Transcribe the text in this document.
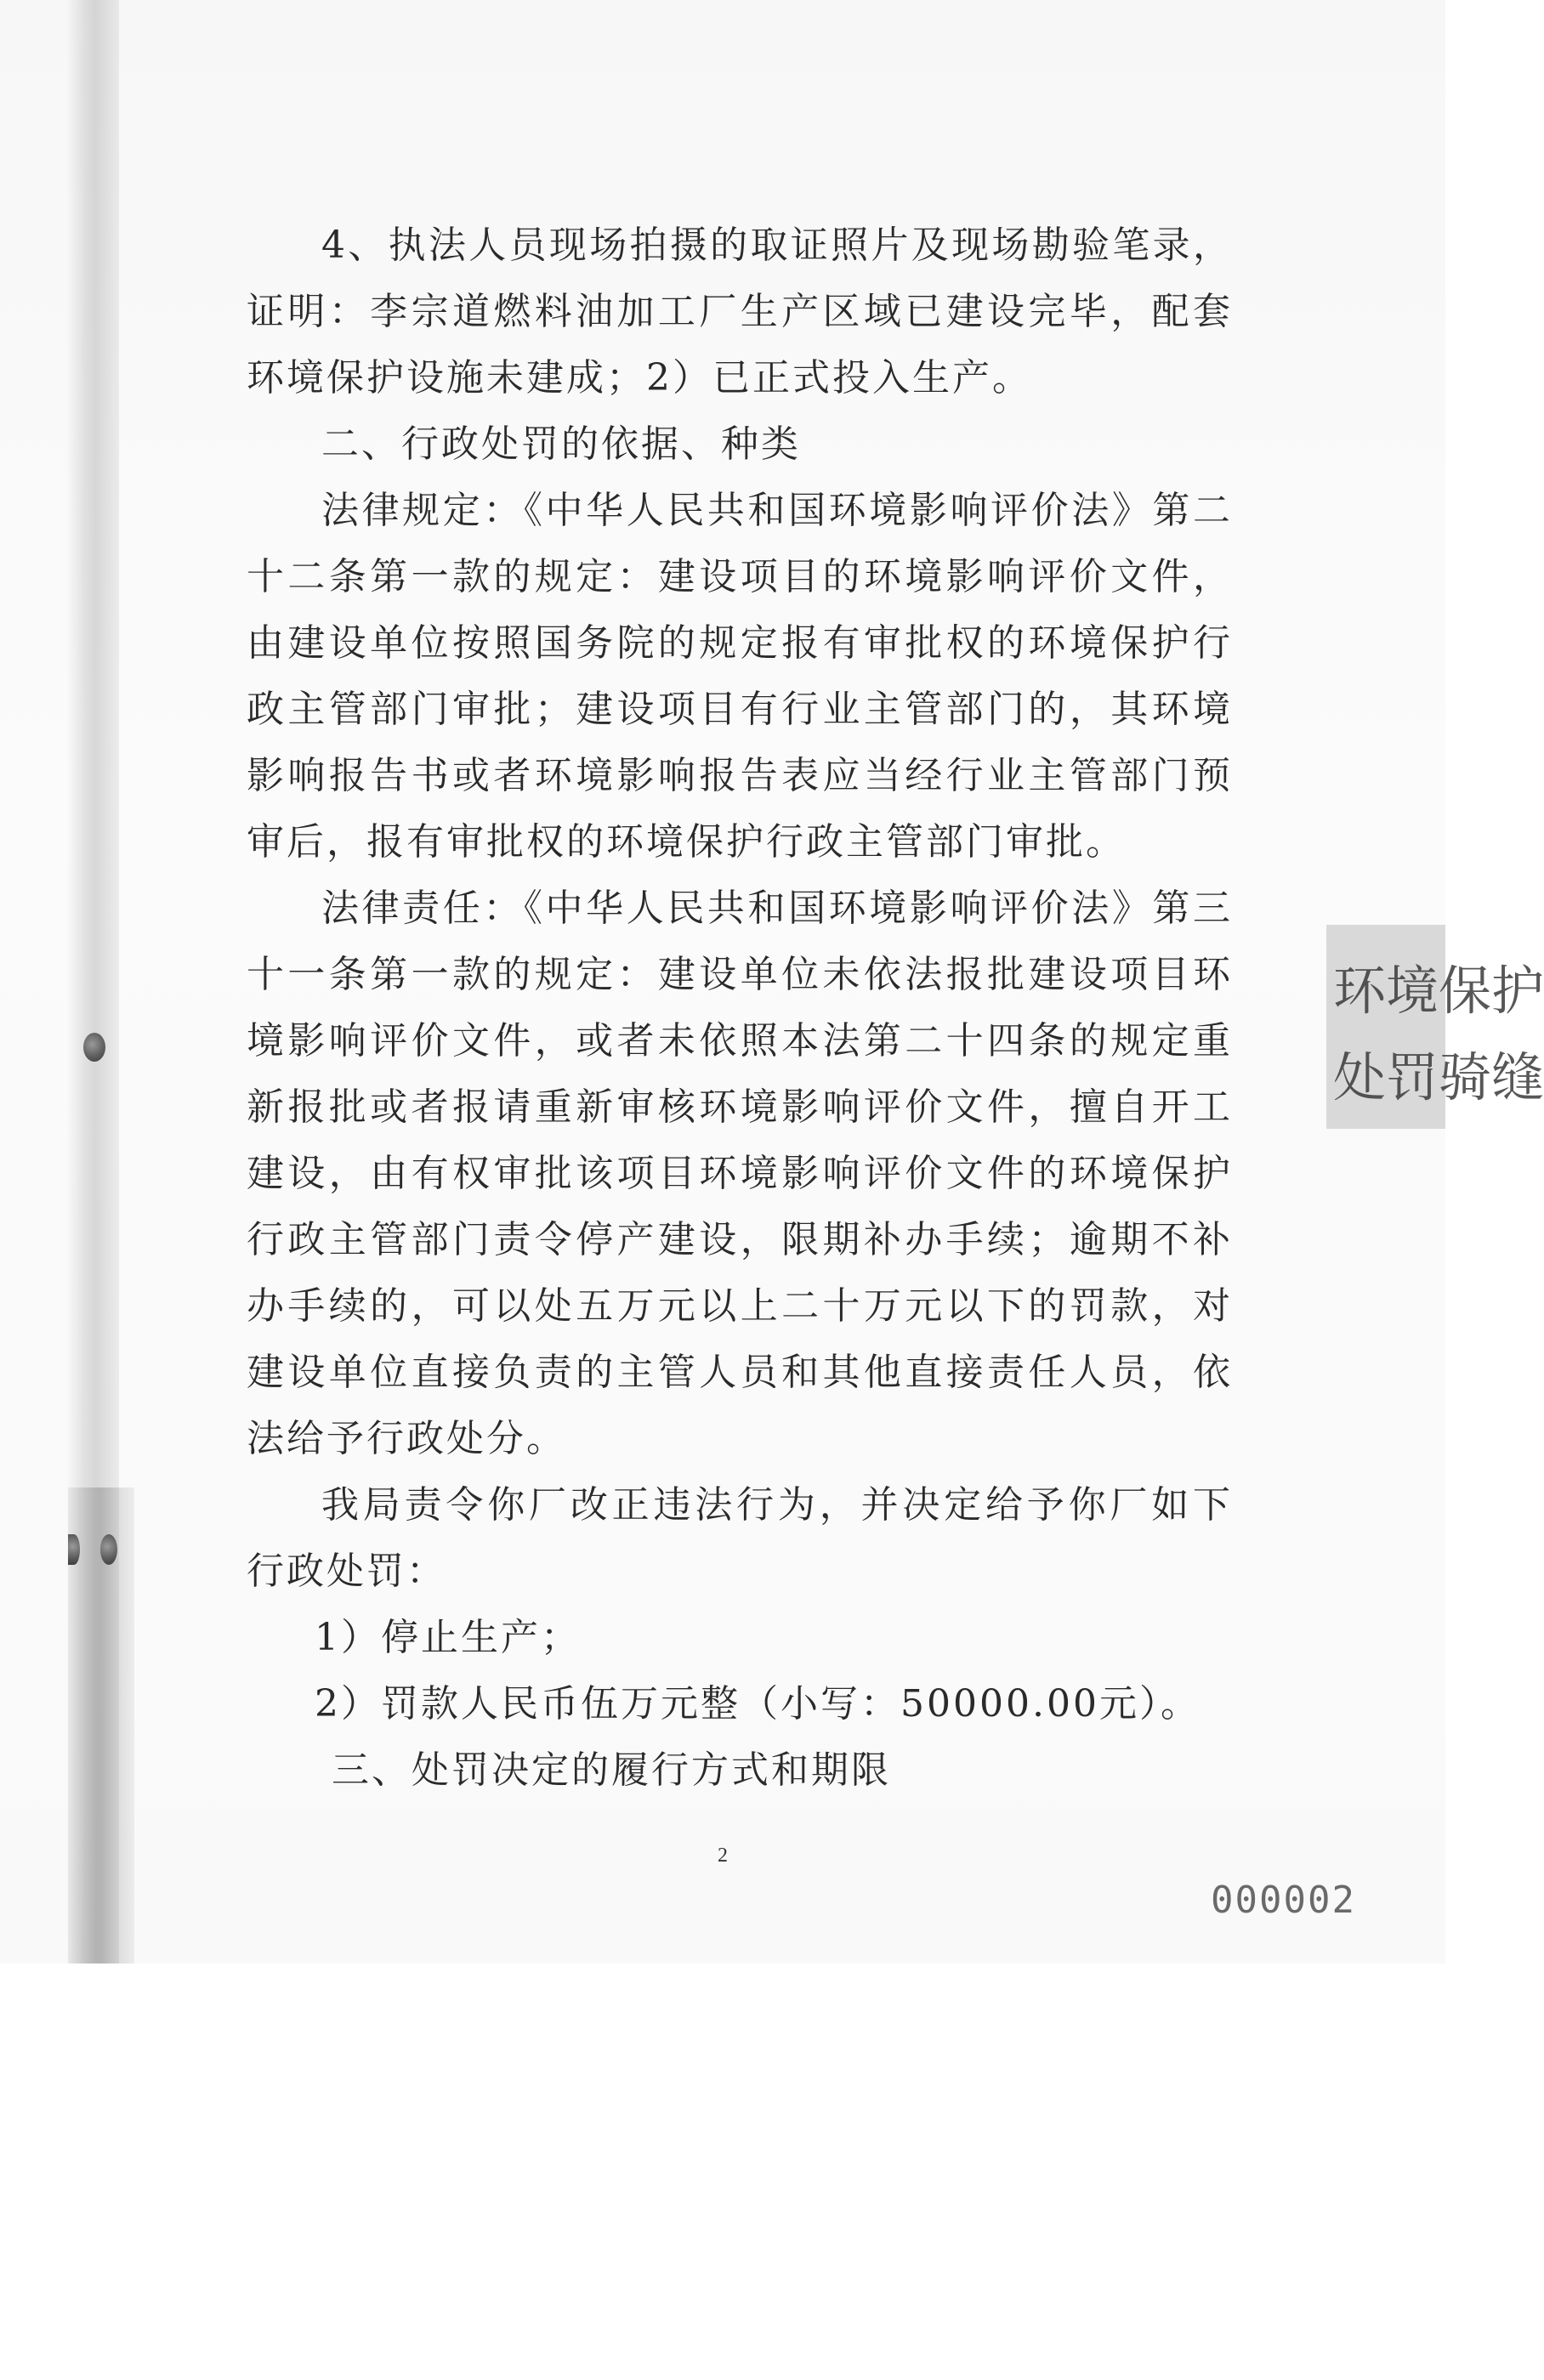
4、执法人员现场拍摄的取证照片及现场勘验笔录，证明：李宗道燃料油加工厂生产区域已建设完毕，配套环境保护设施未建成；2）已正式投入生产。

二、行政处罚的依据、种类

法律规定：《中华人民共和国环境影响评价法》第二十二条第一款的规定：建设项目的环境影响评价文件，由建设单位按照国务院的规定报有审批权的环境保护行政主管部门审批；建设项目有行业主管部门的，其环境影响报告书或者环境影响报告表应当经行业主管部门预审后，报有审批权的环境保护行政主管部门审批。

法律责任：《中华人民共和国环境影响评价法》第三十一条第一款的规定：建设单位未依法报批建设项目环境影响评价文件，或者未依照本法第二十四条的规定重新报批或者报请重新审核环境影响评价文件，擅自开工建设，由有权审批该项目环境影响评价文件的环境保护行政主管部门责令停产建设，限期补办手续；逾期不补办手续的，可以处五万元以上二十万元以下的罚款，对建设单位直接负责的主管人员和其他直接责任人员，依法给予行政处分。

我局责令你厂改正违法行为，并决定给予你厂如下行政处罚：

1）停止生产；

2）罚款人民币伍万元整（小写：50000.00元）。

三、处罚决定的履行方式和期限

2
000002
环境保护
处罚骑缝
